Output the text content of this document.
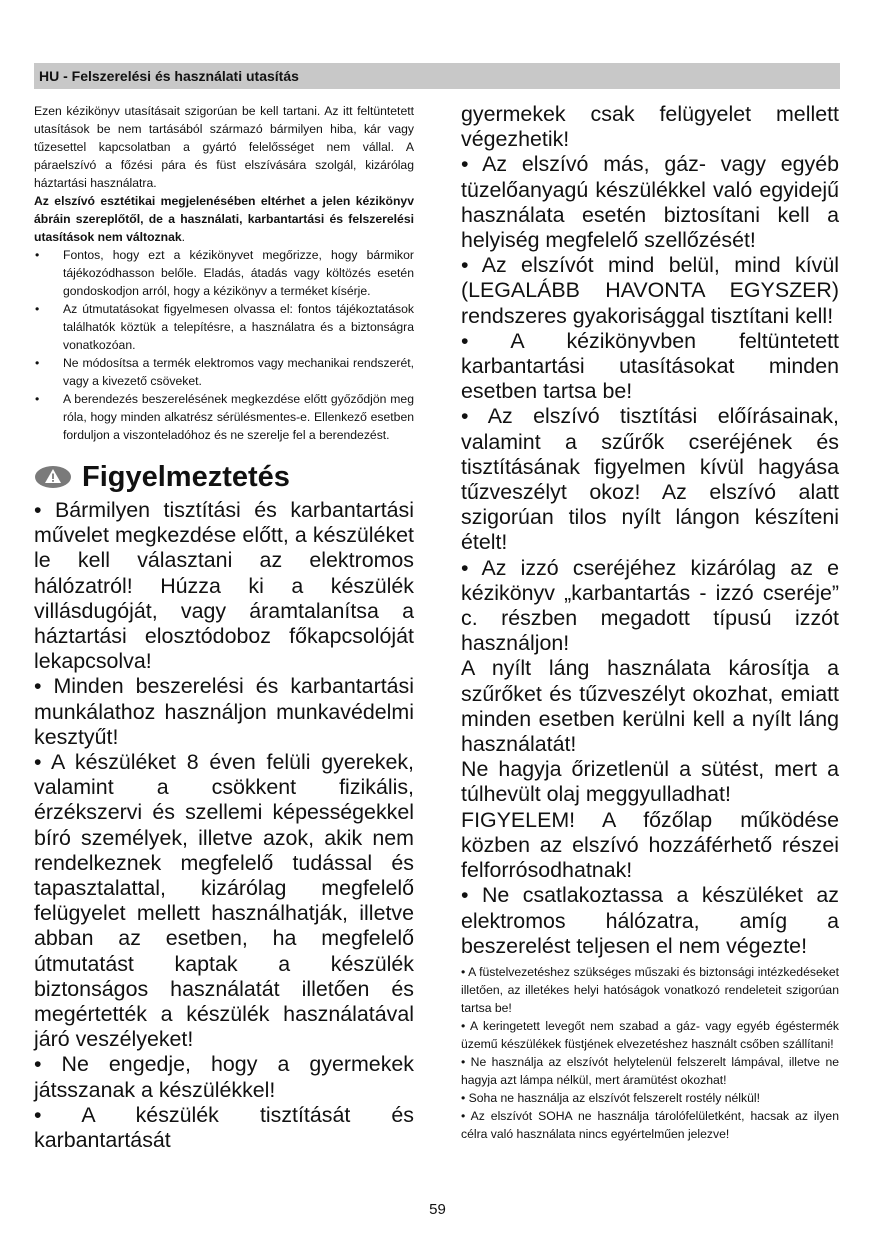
HU - Felszerelési és használati utasítás

Ezen kézikönyv utasításait szigorúan be kell tartani. Az itt feltüntetett utasítások be nem tartásából származó bármilyen hiba, kár vagy tűzesettel kapcsolatban a gyártó felelősséget nem vállal. A páraelszívó a főzési pára és füst elszívására szolgál, kizárólag háztartási használatra.

Az elszívó esztétikai megjelenésében eltérhet a jelen kézikönyv ábráin szereplőtől, de a használati, karbantartási és felszerelési utasítások nem változnak.

• Fontos, hogy ezt a kézikönyvet megőrizze, hogy bármikor tájékozódhasson belőle. Eladás, átadás vagy költözés esetén gondoskodjon arról, hogy a kézikönyv a terméket kísérje.
• Az útmutatásokat figyelmesen olvassa el: fontos tájékoztatások találhatók köztük a telepítésre, a használatra és a biztonságra vonatkozóan.
• Ne módosítsa a termék elektromos vagy mechanikai rendszerét, vagy a kivezető csöveket.
• A berendezés beszerelésének megkezdése előtt győződjön meg róla, hogy minden alkatrész sérülésmentes-e. Ellenkező esetben forduljon a viszonteladóhoz és ne szerelje fel a berendezést.
Figyelmeztetés

• Bármilyen tisztítási és karbantartási művelet megkezdése előtt, a készüléket le kell választani az elektromos hálózatról! Húzza ki a készülék villásdugóját, vagy áramtalanítsa a háztartási elosztódoboz főkapcsolóját lekapcsolva!

• Minden beszerelési és karbantartási munkálathoz használjon munkavédelmi kesztyűt!

• A készüléket 8 éven felüli gyerekek, valamint a csökkent fizikális, érzékszervi és szellemi képességekkel bíró személyek, illetve azok, akik nem rendelkeznek megfelelő tudással és tapasztalattal, kizárólag megfelelő felügyelet mellett használhatják, illetve abban az esetben, ha megfelelő útmutatást kaptak a készülék biztonságos használatát illetően és megértették a készülék használatával járó veszélyeket!

• Ne engedje, hogy a gyermekek játsszanak a készülékkel!

• A készülék tisztítását és karbantartását

gyermekek csak felügyelet mellett végezhetik!

• Az elszívó más, gáz- vagy egyéb tüzelőanyagú készülékkel való egyidejű használata esetén biztosítani kell a helyiség megfelelő szellőzését!

• Az elszívót mind belül, mind kívül (LEGALÁBB HAVONTA EGYSZER) rendszeres gyakorisággal tisztítani kell!

• A kézikönyvben feltüntetett karbantartási utasításokat minden esetben tartsa be!

• Az elszívó tisztítási előírásainak, valamint a szűrők cseréjének és tisztításának figyelmen kívül hagyása tűzveszélyt okoz! Az elszívó alatt szigorúan tilos nyílt lángon készíteni ételt!

• Az izzó cseréjéhez kizárólag az e kézikönyv „karbantartás - izzó cseréje” c. részben megadott típusú izzót használjon!

A nyílt láng használata károsítja a szűrőket és tűzveszélyt okozhat, emiatt minden esetben kerülni kell a nyílt láng használatát!

Ne hagyja őrizetlenül a sütést, mert a túlhevült olaj meggyulladhat!

FIGYELEM! A főzőlap működése közben az elszívó hozzáférhető részei felforrósodhatnak!

• Ne csatlakoztassa a készüléket az elektromos hálózatra, amíg a beszerelést teljesen el nem végezte!

• A füstelvezetéshez szükséges műszaki és biztonsági intézkedéseket illetően, az illetékes helyi hatóságok vonatkozó rendeleteit szigorúan tartsa be!

• A keringetett levegőt nem szabad a gáz- vagy egyéb égéstermék üzemű készülékek füstjének elvezetéshez használt csőben szállítani!

• Ne használja az elszívót helytelenül felszerelt lámpával, illetve ne hagyja azt lámpa nélkül, mert áramütést okozhat!

• Soha ne használja az elszívót felszerelt rostély nélkül!

• Az elszívót SOHA ne használja tárolófelületként, hacsak az ilyen célra való használata nincs egyértelműen jelezve!

59
